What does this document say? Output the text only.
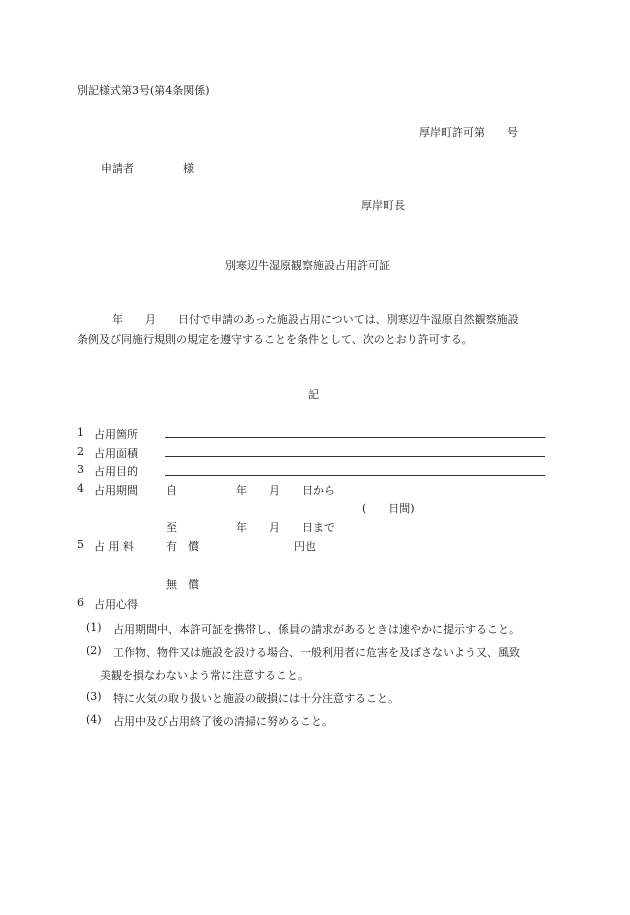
別記様式第3号(第4条関係)
厚岸町許可第　　号
申請者	様
厚岸町長
別寒辺牛湿原観察施設占用許可証
年　　月　　日付で申請のあった施設占用については、別寒辺牛湿原自然観察施設
条例及び同施行規則の規定を遵守することを条件として、次のとおり許可する。
記
1 占用箇所
2 占用面積
3 占用目的
4 占用期間	自	年　　月　　日から
(　　日間)
至	年　　月　　日まで
5 占 用 料	有　償	円也
無　償
6 占用心得
(1) 占用期間中、本許可証を携帯し、係員の請求があるときは速やかに提示すること。
(2) 工作物、物件又は施設を設ける場合、一般利用者に危害を及ぼさないよう又、風致
美観を損なわないよう常に注意すること。
(3) 特に火気の取り扱いと施設の破損には十分注意すること。
(4) 占用中及び占用終了後の清掃に努めること。
